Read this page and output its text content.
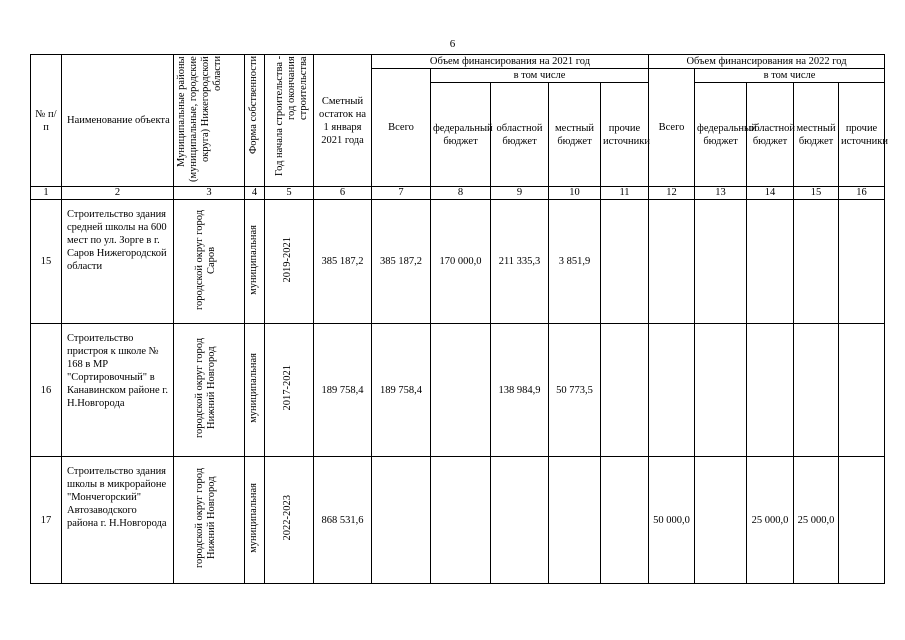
6
№ п/п	Наименование объекта	Муниципальные районы (муниципальные, городские округа) Нижегородской области	Форма собственности	Год начала строительства - год окончания строительства	Сметный остаток на 1 января 2021 года	Объем финансирования на 2021 год					Объем финансирования на 2022 год				
						Всего	в том числе				Всего	в том числе			
							федеральный бюджет	областной бюджет	местный бюджет	прочие источники		федеральный бюджет	областной бюджет	местный бюджет	прочие источники
1	2	3	4	5	6	7	8	9	10	11	12	13	14	15	16
15	Строительство здания средней школы на 600 мест по ул. Зорге в г. Саров Нижегородской области	городской округ город Саров	муниципальная	2019-2021	385 187,2	385 187,2	170 000,0	211 335,3	3 851,9						
16	Строительство пристроя к школе № 168 в МР "Сортировочный" в Канавинском районе г. Н.Новгорода	городской округ город Нижний Новгород	муниципальная	2017-2021	189 758,4	189 758,4		138 984,9	50 773,5						
17	Строительство здания школы в микрорайоне "Мончегорский" Автозаводского района г. Н.Новгорода	городской округ город Нижний Новгород	муниципальная	2022-2023	868 531,6						50 000,0		25 000,0	25 000,0	
